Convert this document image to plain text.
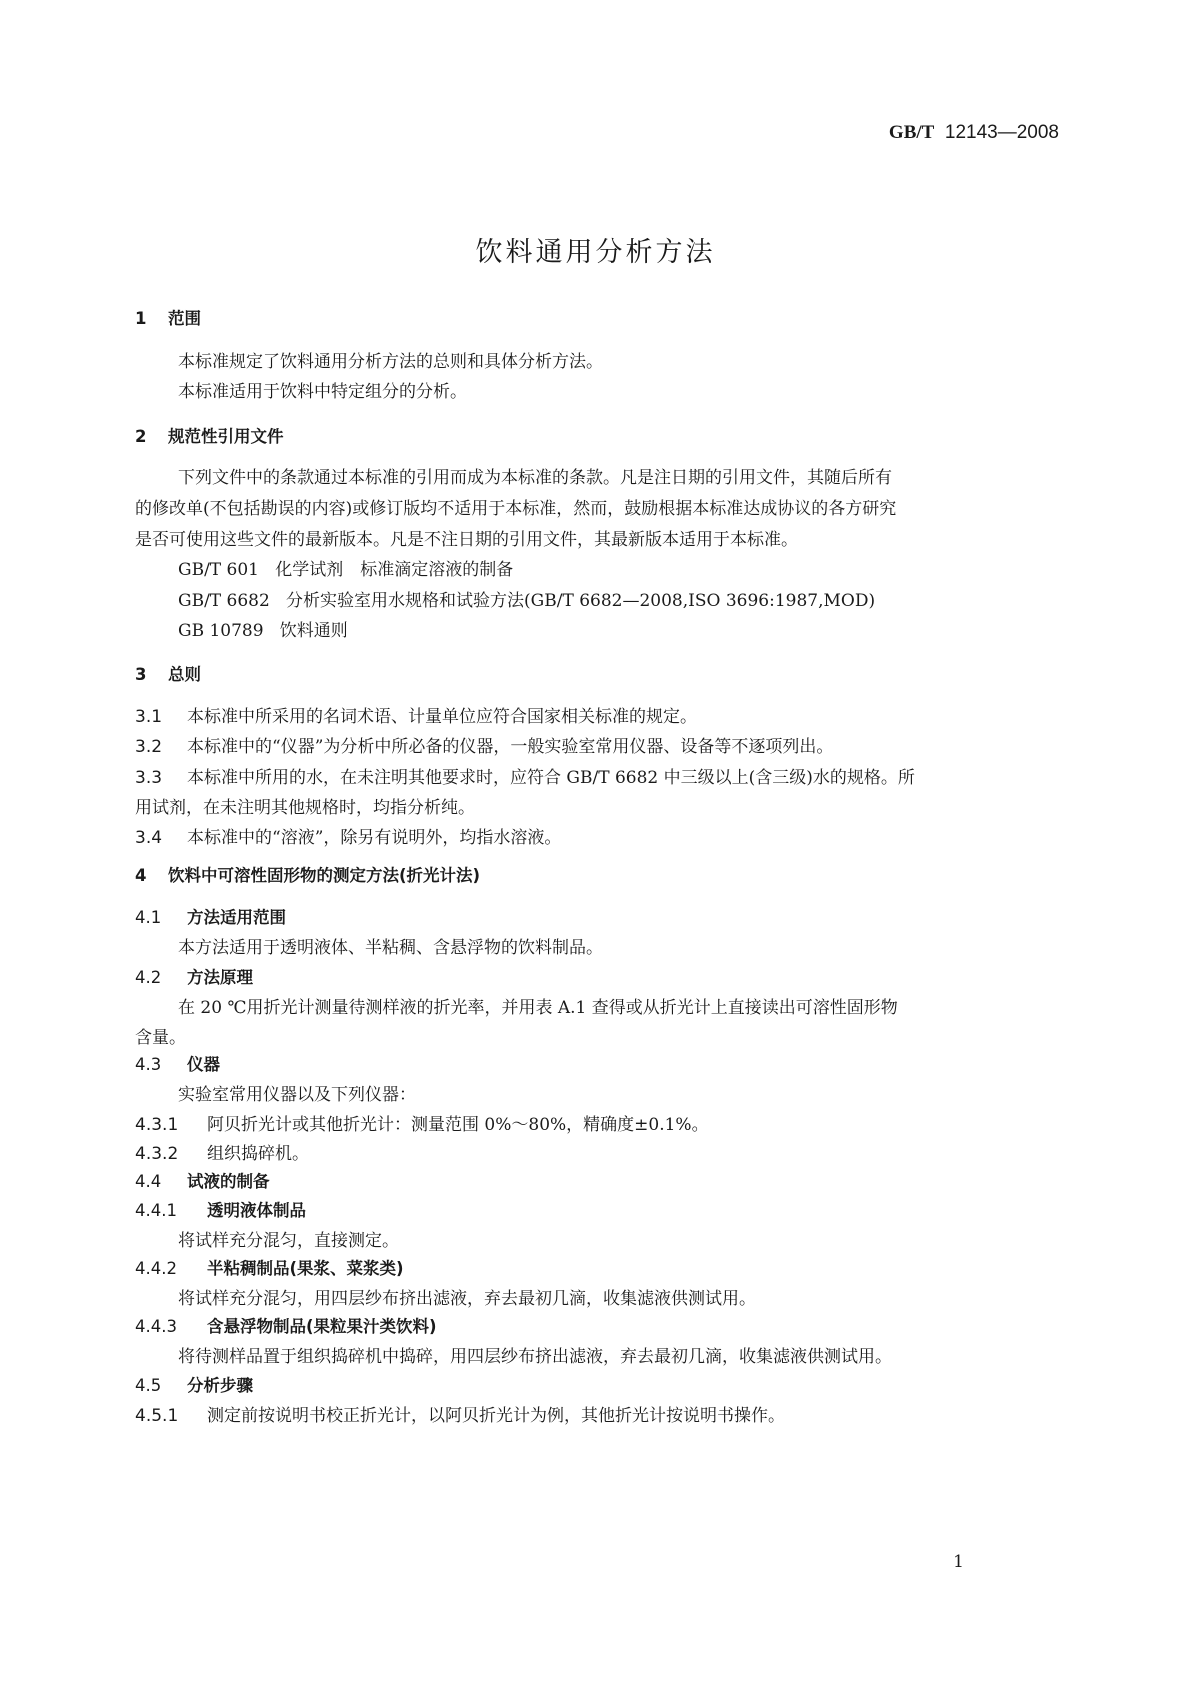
GB/T 12143—2008
饮料通用分析方法
1 范围
本标准规定了饮料通用分析方法的总则和具体分析方法。
本标准适用于饮料中特定组分的分析。
2 规范性引用文件
下列文件中的条款通过本标准的引用而成为本标准的条款。凡是注日期的引用文件，其随后所有
的修改单(不包括勘误的内容)或修订版均不适用于本标准，然而，鼓励根据本标准达成协议的各方研究
是否可使用这些文件的最新版本。凡是不注日期的引用文件，其最新版本适用于本标准。
GB/T 601 化学试剂　标准滴定溶液的制备
GB/T 6682 分析实验室用水规格和试验方法(GB/T 6682—2008,ISO 3696:1987,MOD)
GB 10789 饮料通则
3 总则
3.1 本标准中所采用的名词术语、计量单位应符合国家相关标准的规定。
3.2 本标准中的“仪器”为分析中所必备的仪器，一般实验室常用仪器、设备等不逐项列出。
3.3 本标准中所用的水，在未注明其他要求时，应符合 GB/T 6682 中三级以上(含三级)水的规格。所
用试剂，在未注明其他规格时，均指分析纯。
3.4 本标准中的“溶液”，除另有说明外，均指水溶液。
4 饮料中可溶性固形物的测定方法(折光计法)
4.1 方法适用范围
本方法适用于透明液体、半粘稠、含悬浮物的饮料制品。
4.2 方法原理
在 20 ℃用折光计测量待测样液的折光率，并用表 A.1 查得或从折光计上直接读出可溶性固形物
含量。
4.3 仪器
实验室常用仪器以及下列仪器：
4.3.1 阿贝折光计或其他折光计：测量范围 0%～80%，精确度±0.1%。
4.3.2 组织捣碎机。
4.4 试液的制备
4.4.1 透明液体制品
将试样充分混匀，直接测定。
4.4.2 半粘稠制品(果浆、菜浆类)
将试样充分混匀，用四层纱布挤出滤液，弃去最初几滴，收集滤液供测试用。
4.4.3 含悬浮物制品(果粒果汁类饮料)
将待测样品置于组织捣碎机中捣碎，用四层纱布挤出滤液，弃去最初几滴，收集滤液供测试用。
4.5 分析步骤
4.5.1 测定前按说明书校正折光计，以阿贝折光计为例，其他折光计按说明书操作。
1
